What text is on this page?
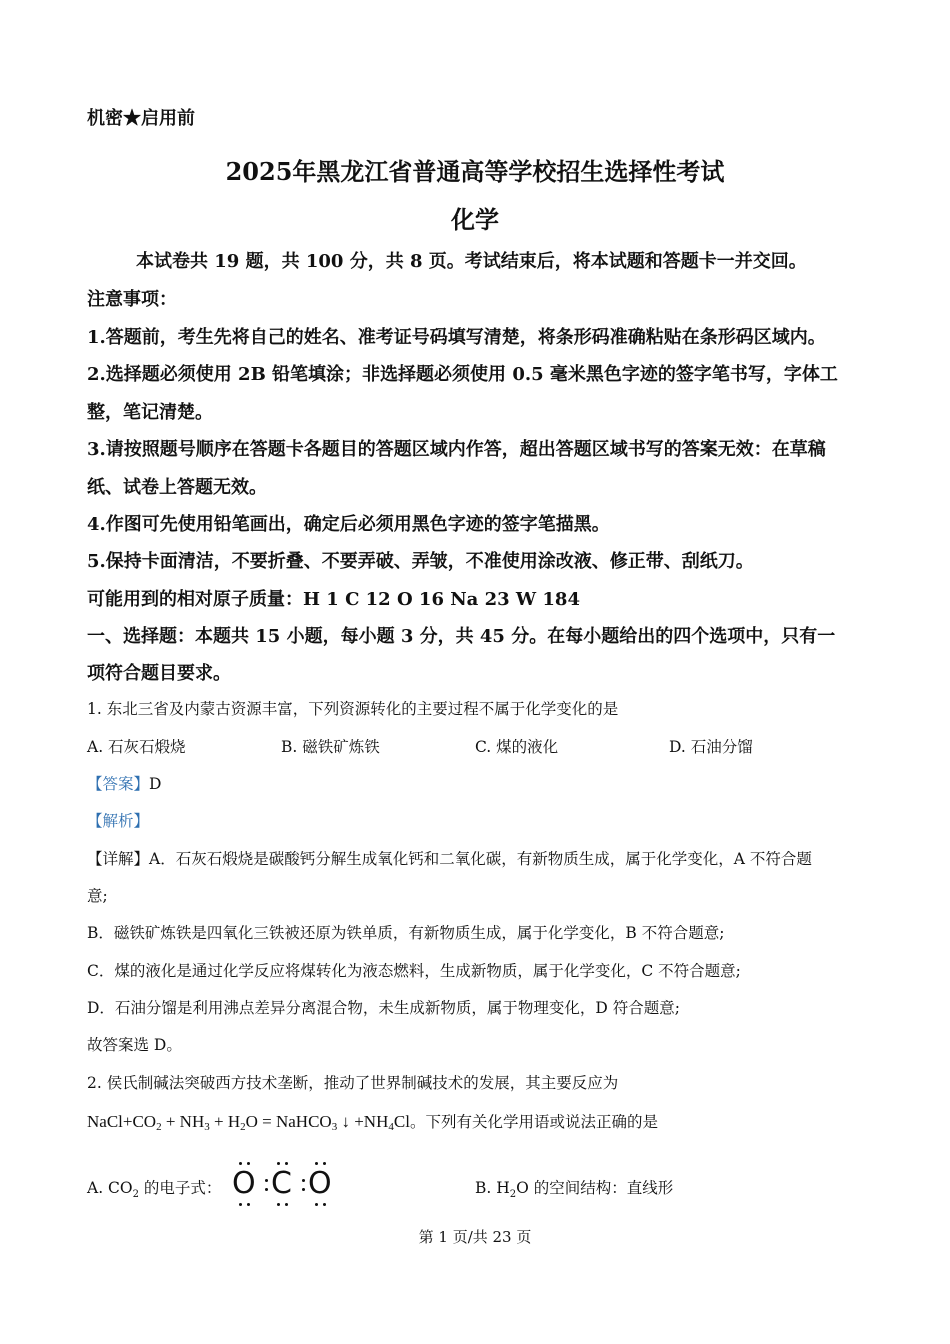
机密★启用前
2025年黑龙江省普通高等学校招生选择性考试
化学
本试卷共 19 题，共 100 分，共 8 页。考试结束后，将本试题和答题卡一并交回。
注意事项：
1.答题前，考生先将自己的姓名、准考证号码填写清楚，将条形码准确粘贴在条形码区域内。
2.选择题必须使用 2B 铅笔填涂；非选择题必须使用 0.5 毫米黑色字迹的签字笔书写，字体工
整，笔记清楚。
3.请按照题号顺序在答题卡各题目的答题区域内作答，超出答题区域书写的答案无效：在草稿
纸、试卷上答题无效。
4.作图可先使用铅笔画出，确定后必须用黑色字迹的签字笔描黑。
5.保持卡面清洁，不要折叠、不要弄破、弄皱，不准使用涂改液、修正带、刮纸刀。
可能用到的相对原子质量：H 1 C 12 O 16 Na 23 W 184
一、选择题：本题共 15 小题，每小题 3 分，共 45 分。在每小题给出的四个选项中，只有一
项符合题目要求。
1. 东北三省及内蒙古资源丰富，下列资源转化的主要过程不属于化学变化的是
A. 石灰石煅烧	B. 磁铁矿炼铁	C. 煤的液化	D. 石油分馏
【答案】D
【解析】
【详解】A．石灰石煅烧是碳酸钙分解生成氧化钙和二氧化碳，有新物质生成，属于化学变化，A 不符合题
意;
B．磁铁矿炼铁是四氧化三铁被还原为铁单质，有新物质生成，属于化学变化，B 不符合题意;
C．煤的液化是通过化学反应将煤转化为液态燃料，生成新物质，属于化学变化，C 不符合题意;
D．石油分馏是利用沸点差异分离混合物，未生成新物质，属于物理变化，D 符合题意;
故答案选 D。
2. 侯氏制碱法突破西方技术垄断，推动了世界制碱技术的发展，其主要反应为
$NaCl+CO_2 + NH_3 + H_2O$ = NaHCO$_3$ ↓ $+NH_4Cl$。下列有关化学用语或说法正确的是
A. $CO_2$ 的电子式： O C O	B. $H_2O$ 的空间结构：直线形
第 1 页/共 23 页
